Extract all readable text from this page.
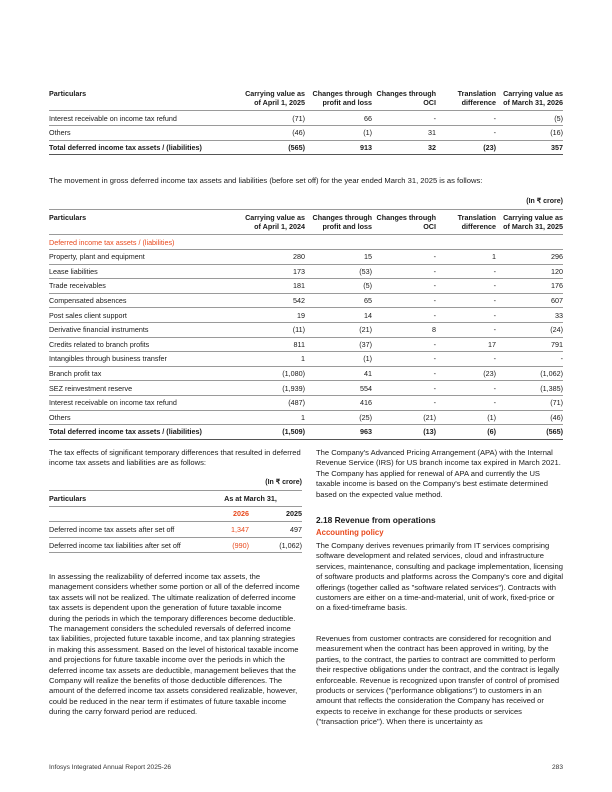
Particulars	Carrying value as of April 1, 2025	Changes through profit and loss	Changes through OCI	Translation difference	Carrying value as of March 31, 2026
Interest receivable on income tax refund	(71)	66	-	-	(5)
Others	(46)	(1)	31	-	(16)
Total deferred income tax assets / (liabilities)	(565)	913	32	(23)	357
The movement in gross deferred income tax assets and liabilities (before set off) for the year ended March 31, 2025 is as follows:
(In ₹ crore)
Particulars	Carrying value as of April 1, 2024	Changes through profit and loss	Changes through OCI	Translation difference	Carrying value as of March 31, 2025
Deferred income tax assets / (liabilities)					
Property, plant and equipment	280	15	-	1	296
Lease liabilities	173	(53)	-	-	120
Trade receivables	181	(5)	-	-	176
Compensated absences	542	65	-	-	607
Post sales client support	19	14	-	-	33
Derivative financial instruments	(11)	(21)	8	-	(24)
Credits related to branch profits	811	(37)	-	17	791
Intangibles through business transfer	1	(1)	-	-	-
Branch profit tax	(1,080)	41	-	(23)	(1,062)
SEZ reinvestment reserve	(1,939)	554	-	-	(1,385)
Interest receivable on income tax refund	(487)	416	-	-	(71)
Others	1	(25)	(21)	(1)	(46)
Total deferred income tax assets / (liabilities)	(1,509)	963	(13)	(6)	(565)
The tax effects of significant temporary differences that resulted in deferred income tax assets and liabilities are as follows:
(In ₹ crore)
Particulars	As at March 31,	
	2026	2025
Deferred income tax assets after set off	1,347	497
Deferred income tax liabilities after set off	(990)	(1,062)
In assessing the realizability of deferred income tax assets, the management considers whether some portion or all of the deferred income tax assets will not be realized. The ultimate realization of deferred income tax assets is dependent upon the generation of future taxable income during the periods in which the temporary differences become deductible. The management considers the scheduled reversals of deferred income tax liabilities, projected future taxable income, and tax planning strategies in making this assessment. Based on the level of historical taxable income and projections for future taxable income over the periods in which the deferred income tax assets are deductible, management believes that the Company will realize the benefits of those deductible differences. The amount of the deferred income tax assets considered realizable, however, could be reduced in the near term if estimates of future taxable income during the carry forward period are reduced.
The Company's Advanced Pricing Arrangement (APA) with the Internal Revenue Service (IRS) for US branch income tax expired in March 2021. The Company has applied for renewal of APA and currently the US taxable income is based on the Company's best estimate determined based on the expected value method.
2.18 Revenue from operations
Accounting policy
The Company derives revenues primarily from IT services comprising software development and related services, cloud and infrastructure services, maintenance, consulting and package implementation, licensing of software products and platforms across the Company's core and digital offerings (together called as "software related services"). Contracts with customers are either on a time-and-material, unit of work, fixed-price or on a fixed-timeframe basis.
Revenues from customer contracts are considered for recognition and measurement when the contract has been approved in writing, by the parties, to the contract, the parties to contract are committed to perform their respective obligations under the contract, and the contract is legally enforceable. Revenue is recognized upon transfer of control of promised products or services ("performance obligations") to customers in an amount that reflects the consideration the Company has received or expects to receive in exchange for these products or services ("transaction price"). When there is uncertainty as
Infosys Integrated Annual Report 2025-26	283
